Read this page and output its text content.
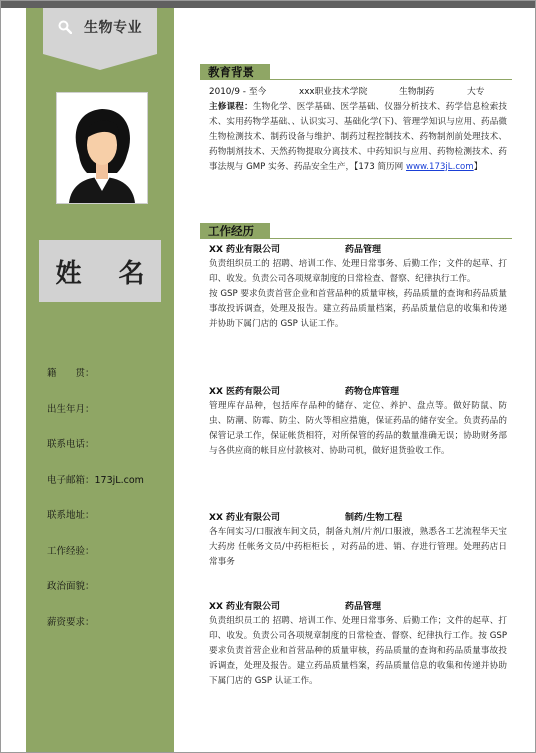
生物专业
姓 名
籍　　贯：
出生年月：
联系电话：
电子邮箱：173jL.com
联系地址：
工作经验：
政治面貌：
薪资要求：
教育背景
2010/9 - 至今	xxx职业技术学院	生物制药	大专

主修课程：生物化学、医学基础、医学基础、仪器分析技术、药学信息检索技术、实用药物学基础、、认识实习、基础化学(下)、管理学知识与应用、药品微生物检测技术、制药设备与维护、制药过程控制技术、药物制剂前处理技术、药物制剂技术、天然药物提取分离技术、中药知识与应用、药物检测技术、药事法规与 GMP 实务、药品安全生产，【173 简历网 www.173jL.com】

工作经历
XX 药业有限公司	药品管理

负责组织员工的 招聘、培训工作、处理日常事务、后勤工作；文件的起草、打印、收发。负责公司各项规章制度的日常检查、督察、纪律执行工作。

按 GSP 要求负责首营企业和首营品种的质量审核，药品质量的查询和药品质量事故投诉调查，处理及报告。建立药品质量档案，药品质量信息的收集和传递并协助下属门店的 GSP 认证工作。

XX 医药有限公司	药物仓库管理

管理库存品种，包括库存品种的储存、定位、养护、盘点等。做好防鼠、防虫、防潮、防霉、防尘、防火等相应措施，保证药品的储存安全。负责药品的保管记录工作，保证帐货相符，对所保管的药品的数量准确无误；协助财务部与各供应商的帐目应付款核对、协助司机，做好退货验收工作。

XX 药业有限公司	制药/生物工程

各车间实习/口服液车间文员，制备丸剂/片剂/口服液，熟悉各工艺流程华天宝大药房 任帐务文员/中药柜柜长 ，对药品的进、销、存进行管理。处理药店日常事务

XX 药业有限公司	药品管理

负责组织员工的 招聘、培训工作、处理日常事务、后勤工作；文件的起草、打印、收发。负责公司各项规章制度的日常检查、督察、纪律执行工作。按 GSP 要求负责首营企业和首营品种的质量审核，药品质量的查询和药品质量事故投诉调查，处理及报告。建立药品质量档案，药品质量信息的收集和传递并协助下属门店的 GSP 认证工作。
